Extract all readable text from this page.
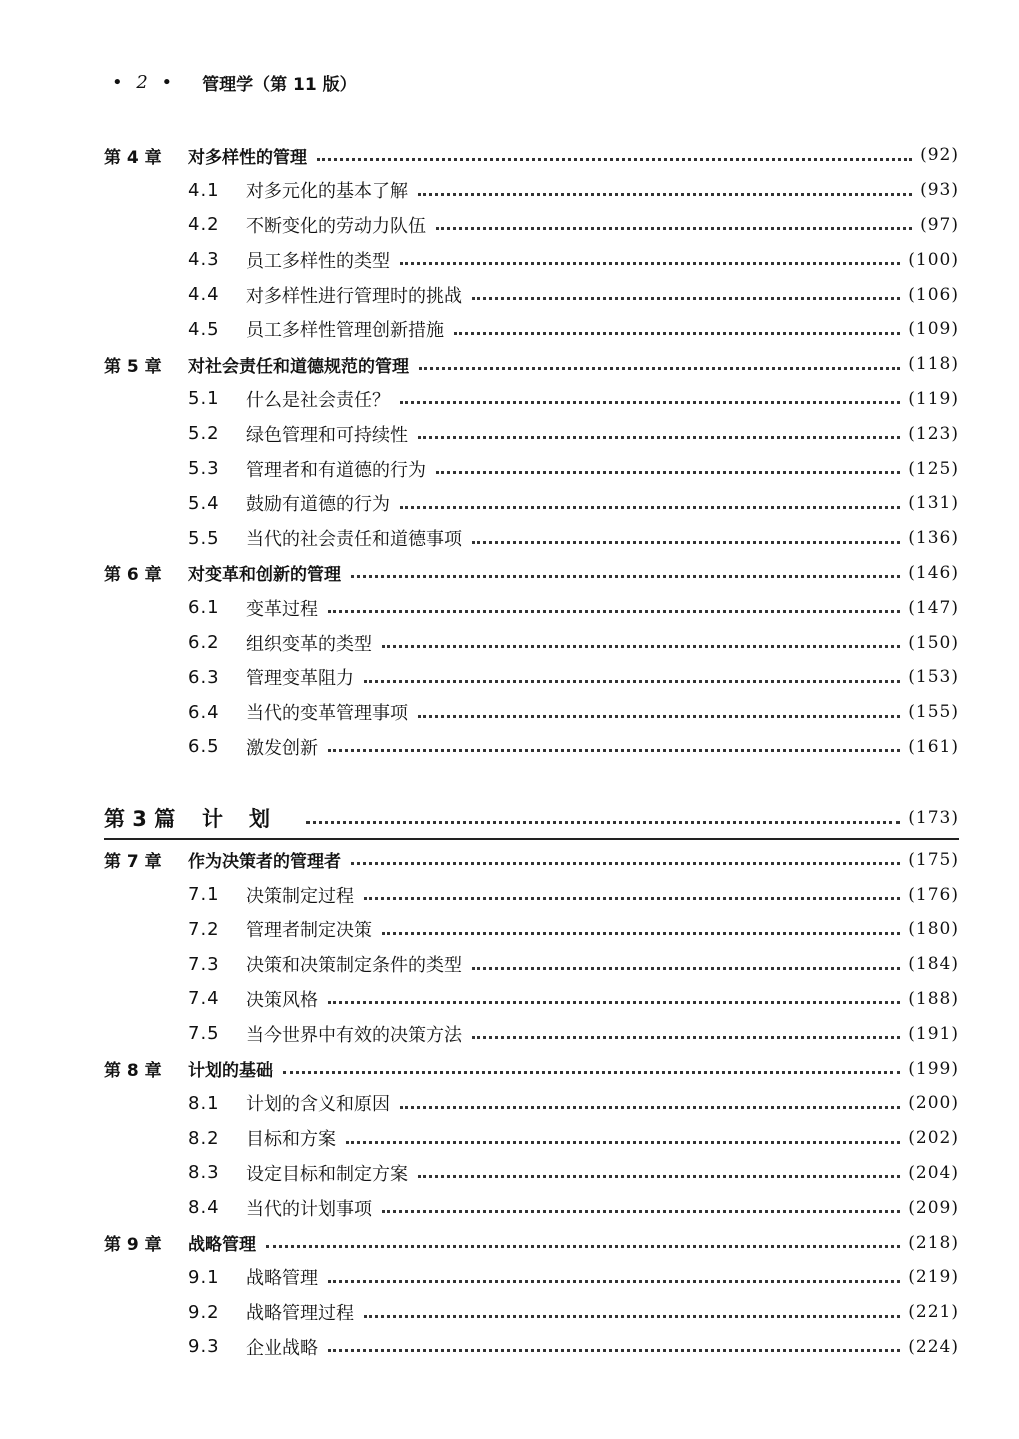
• 2 • 管理学（第 11 版）
第 4 章	对多样性的管理	(92)
4.1	对多元化的基本了解	(93)
4.2	不断变化的劳动力队伍	(97)
4.3	员工多样性的类型	(100)
4.4	对多样性进行管理时的挑战	(106)
4.5	员工多样性管理创新措施	(109)
第 5 章	对社会责任和道德规范的管理	(118)
5.1	什么是社会责任？	(119)
5.2	绿色管理和可持续性	(123)
5.3	管理者和有道德的行为	(125)
5.4	鼓励有道德的行为	(131)
5.5	当代的社会责任和道德事项	(136)
第 6 章	对变革和创新的管理	(146)
6.1	变革过程	(147)
6.2	组织变革的类型	(150)
6.3	管理变革阻力	(153)
6.4	当代的变革管理事项	(155)
6.5	激发创新	(161)
第 3 篇	计划	(173)
第 7 章	作为决策者的管理者	(175)
7.1	决策制定过程	(176)
7.2	管理者制定决策	(180)
7.3	决策和决策制定条件的类型	(184)
7.4	决策风格	(188)
7.5	当今世界中有效的决策方法	(191)
第 8 章	计划的基础	(199)
8.1	计划的含义和原因	(200)
8.2	目标和方案	(202)
8.3	设定目标和制定方案	(204)
8.4	当代的计划事项	(209)
第 9 章	战略管理	(218)
9.1	战略管理	(219)
9.2	战略管理过程	(221)
9.3	企业战略	(224)
